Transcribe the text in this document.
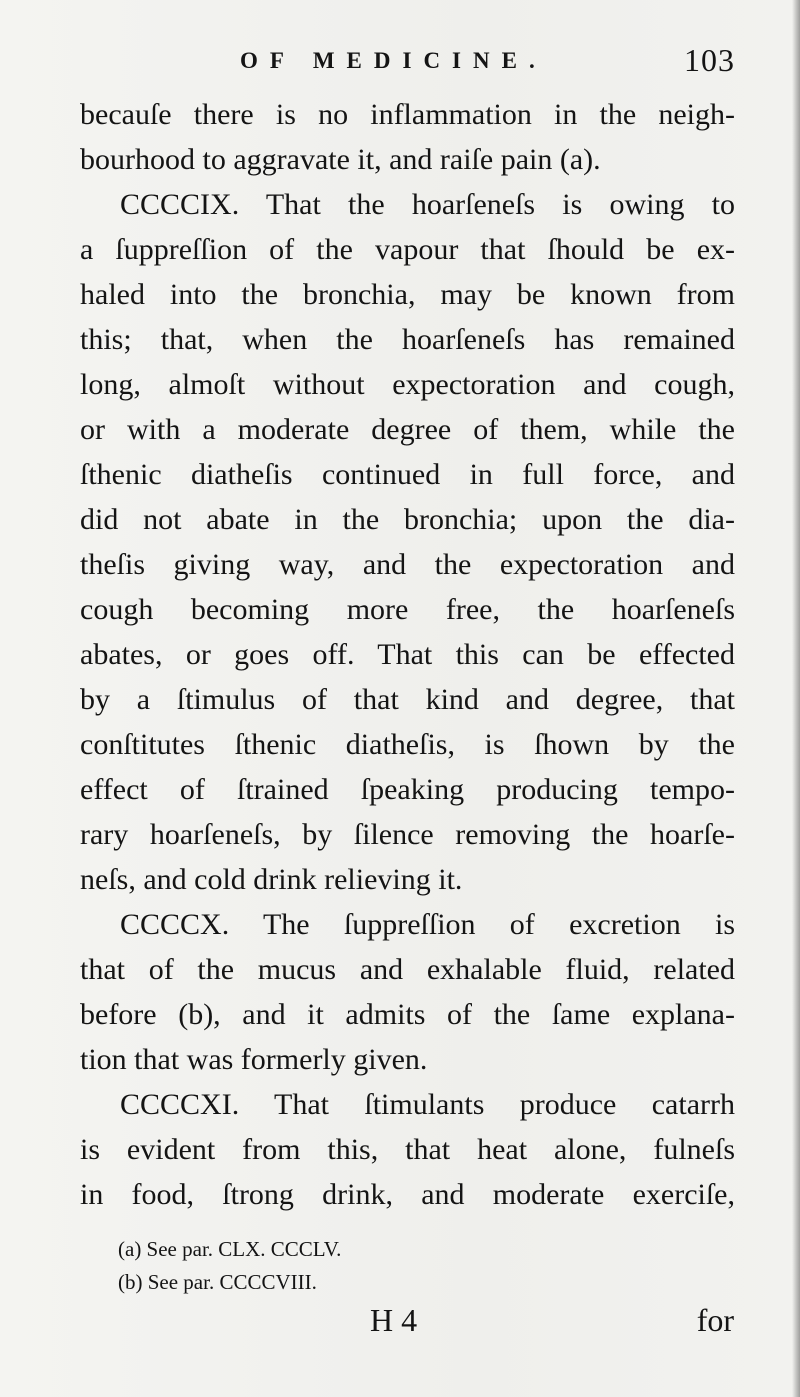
OF MEDICINE.	103
becauſe there is no inflammation in the neigh-
bourhood to aggravate it, and raiſe pain (a).
CCCCIX. That the hoarſeneſs is owing to
a ſuppreſſion of the vapour that ſhould be ex-
haled into the bronchia, may be known from
this; that, when the hoarſeneſs has remained
long, almoſt without expectoration and cough,
or with a moderate degree of them, while the
ſthenic diatheſis continued in full force, and
did not abate in the bronchia; upon the dia-
theſis giving way, and the expectoration and
cough becoming more free, the hoarſeneſs
abates, or goes off. That this can be effected
by a ſtimulus of that kind and degree, that
conſtitutes ſthenic diatheſis, is ſhown by the
effect of ſtrained ſpeaking producing tempo-
rary hoarſeneſs, by ſilence removing the hoarſe-
neſs, and cold drink relieving it.
CCCCX. The ſuppreſſion of excretion is
that of the mucus and exhalable fluid, related
before (b), and it admits of the ſame explana-
tion that was formerly given.
CCCCXI. That ſtimulants produce catarrh
is evident from this, that heat alone, fulneſs
in food, ſtrong drink, and moderate exerciſe,
(a) See par. CLX. CCCLV.
(b) See par. CCCCVIII.
H 4	for
